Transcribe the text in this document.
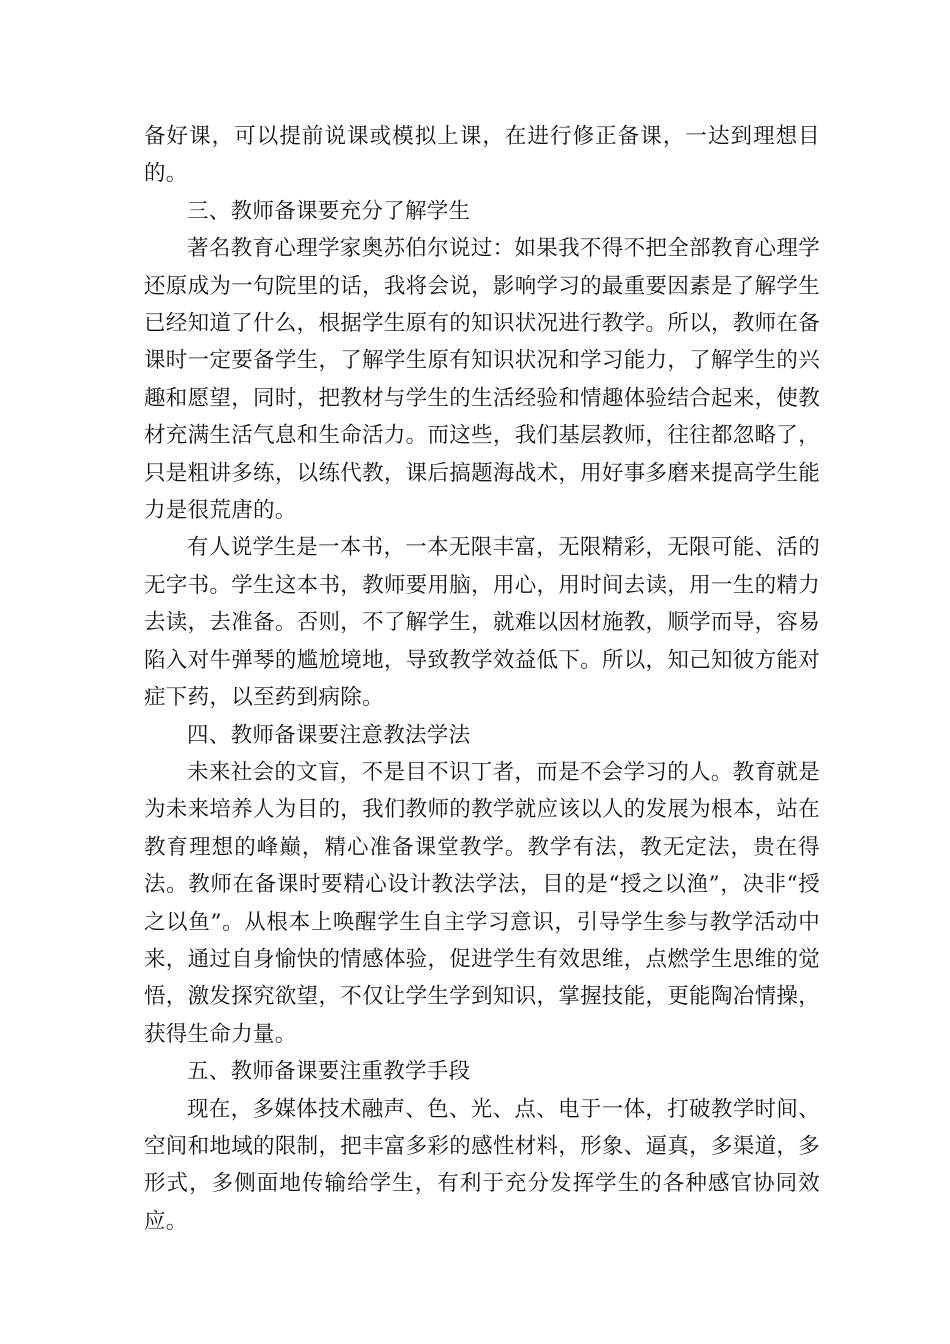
备好课，可以提前说课或模拟上课，在进行修正备课，一达到理想目的。

三、教师备课要充分了解学生

著名教育心理学家奥苏伯尔说过：如果我不得不把全部教育心理学还原成为一句院里的话，我将会说，影响学习的最重要因素是了解学生已经知道了什么，根据学生原有的知识状况进行教学。所以，教师在备课时一定要备学生，了解学生原有知识状况和学习能力，了解学生的兴趣和愿望，同时，把教材与学生的生活经验和情趣体验结合起来，使教材充满生活气息和生命活力。而这些，我们基层教师，往往都忽略了，只是粗讲多练，以练代教，课后搞题海战术，用好事多磨来提高学生能力是很荒唐的。

有人说学生是一本书，一本无限丰富，无限精彩，无限可能、活的无字书。学生这本书，教师要用脑，用心，用时间去读，用一生的精力去读，去准备。否则，不了解学生，就难以因材施教，顺学而导，容易陷入对牛弹琴的尴尬境地，导致教学效益低下。所以，知己知彼方能对症下药，以至药到病除。

四、教师备课要注意教法学法

未来社会的文盲，不是目不识丁者，而是不会学习的人。教育就是为未来培养人为目的，我们教师的教学就应该以人的发展为根本，站在教育理想的峰巅，精心准备课堂教学。教学有法，教无定法，贵在得法。教师在备课时要精心设计教法学法，目的是“授之以渔”，决非“授之以鱼”。从根本上唤醒学生自主学习意识，引导学生参与教学活动中来，通过自身愉快的情感体验，促进学生有效思维，点燃学生思维的觉悟，激发探究欲望，不仅让学生学到知识，掌握技能，更能陶冶情操，获得生命力量。

五、教师备课要注重教学手段

现在，多媒体技术融声、色、光、点、电于一体，打破教学时间、空间和地域的限制，把丰富多彩的感性材料，形象、逼真，多渠道，多形式，多侧面地传输给学生，有利于充分发挥学生的各种感官协同效应。
